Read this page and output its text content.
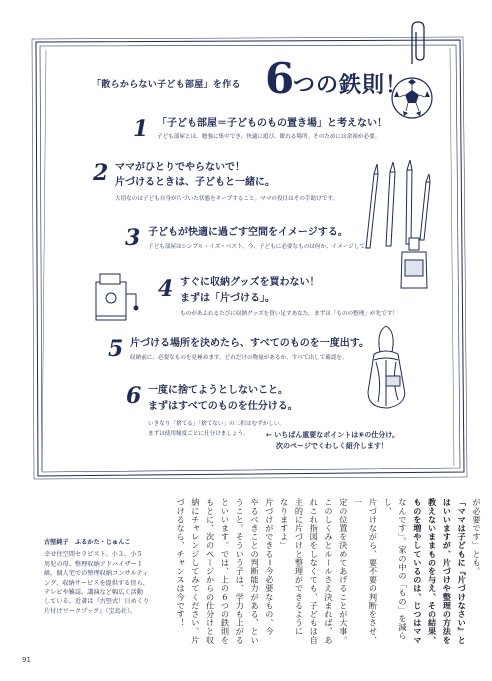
「散らからない子ども部屋」を作る 6
つの鉄則！
1 「子ども部屋＝子どものもの置き場」と考えない！
子ども部屋とは、勉強に集中でき、快適に遊び、眠れる場所。そのためには余裕が必要。
2 ママがひとりでやらないで！
片づけるときは、子どもと一緒に。
大切なのは子ども自身が片づいた状態をキープすること。ママの役目はその手助けです。
3 子どもが快適に過ごす空間をイメージする。
子ども部屋はシンプル・イズ・ベスト。今、子どもに必要なものは何か、イメージして。
4 すぐに収納グッズを買わない！
まずは「片づける」。
ものがあふれるたびに収納グッズを買い足すあなた。まずは「ものの整理」が先です！
5 片づける場所を決めたら、すべてのものを一度出す。
収納前に、必要なものを見極めます。どれだけの物量があるか、すべて出して確認を。
6 一度に捨てようとしないこと。
まずはすべてのものを仕分ける。
いきなり「捨てる」「捨てない」の二択はむずかしい。
まずは使用頻度ごとに仕分けましょう。 ← いちばん重要なポイントは⑥の仕分け。
次のページでくわしく紹介します！
が必要です」とも。
「ママは子どもに『片づけなさい』と
はいいますが、片づけや整理の方法を
教えないままものを与え、その結果、
ものを増やしているのは、じつはママ
なんです」。家の中の「もの」を減らし、
片づけながら、要不要の判断をさせ、一
定の位置を決めてあげることが大事。
このしくみとルールさえ決まれば、あ
れこれ指図をしなくても、子どもは自
主的に片づけと整理ができるように
なりますよ」
片づけができる＝今必要なもの、今
やるべきことの判断能力がある、とい
うこと。そういう子は、学力も上がる
といいます。では、上の６つの鉄則を
もとに、次のページからの仕分けと収
納にチャレンジしてみてください。片
づけるなら、チャンスは今です！
古堅純子　ふるかた・じゅんこ
幸せ住空間セラピスト。小３、小５
男児の母。整理収納アドバイザー１
級。個人宅での整理収納コンサルティ
ング、収納サービスを提供する傍ら、
テレビや雑誌、講演など幅広く活動
している。近著は『古堅式！日めくり
片付けワークブック』（宝島社）。
91
